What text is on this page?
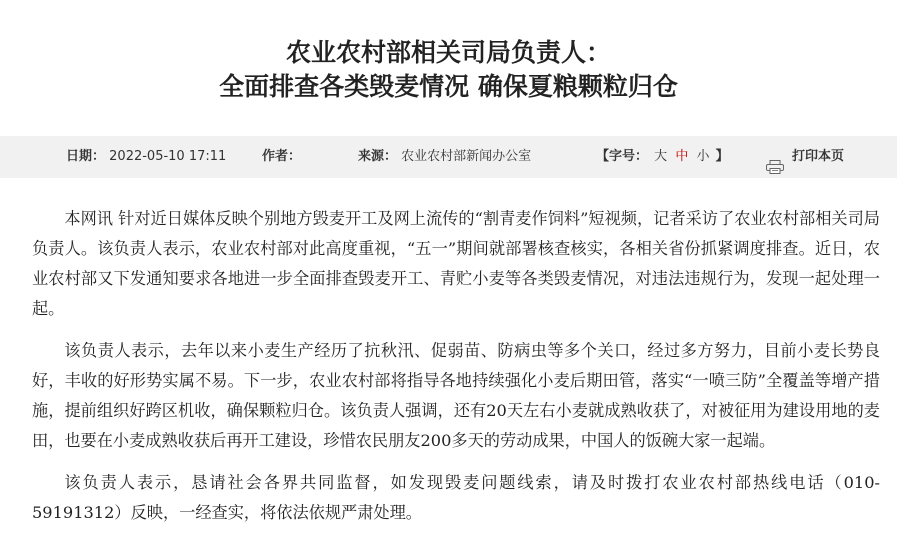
农业农村部相关司局负责人：
全面排查各类毁麦情况 确保夏粮颗粒归仓
日期： 2022-05-10 17:11	作者：	来源： 农业农村部新闻办公室	【字号： 大 中 小 】	打印本页

本网讯 针对近日媒体反映个别地方毁麦开工及网上流传的“割青麦作饲料”短视频，记者采访了农业农村部相关司局负责人。该负责人表示，农业农村部对此高度重视，“五一”期间就部署核查核实，各相关省份抓紧调度排查。近日，农业农村部又下发通知要求各地进一步全面排查毁麦开工、青贮小麦等各类毁麦情况，对违法违规行为，发现一起处理一起。

该负责人表示，去年以来小麦生产经历了抗秋汛、促弱苗、防病虫等多个关口，经过多方努力，目前小麦长势良好，丰收的好形势实属不易。下一步，农业农村部将指导各地持续强化小麦后期田管，落实“一喷三防”全覆盖等增产措施，提前组织好跨区机收，确保颗粒归仓。该负责人强调，还有20天左右小麦就成熟收获了，对被征用为建设用地的麦田，也要在小麦成熟收获后再开工建设，珍惜农民朋友200多天的劳动成果，中国人的饭碗大家一起端。

该负责人表示，恳请社会各界共同监督，如发现毁麦问题线索，请及时拨打农业农村部热线电话（010-59191312）反映，一经查实，将依法依规严肃处理。
